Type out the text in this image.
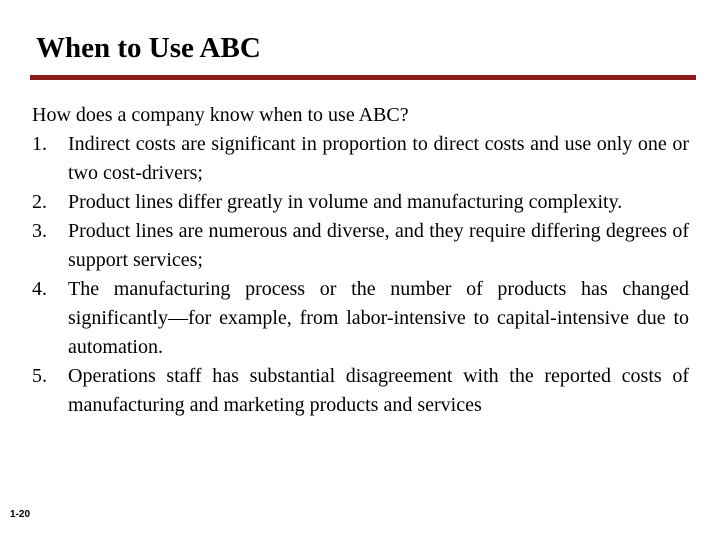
When to Use ABC
How does a company know when to use ABC?
1.	Indirect costs are significant in proportion to direct costs and use only one or two cost-drivers;
2.	Product lines differ greatly in volume and manufacturing complexity.
3.	Product lines are numerous and diverse, and they require differing degrees of support services;
4.	The manufacturing process or the number of products has changed significantly—for example, from labor-intensive to capital-intensive due to automation.
5.	Operations staff has substantial disagreement with the reported costs of manufacturing and marketing products and services
1-20
